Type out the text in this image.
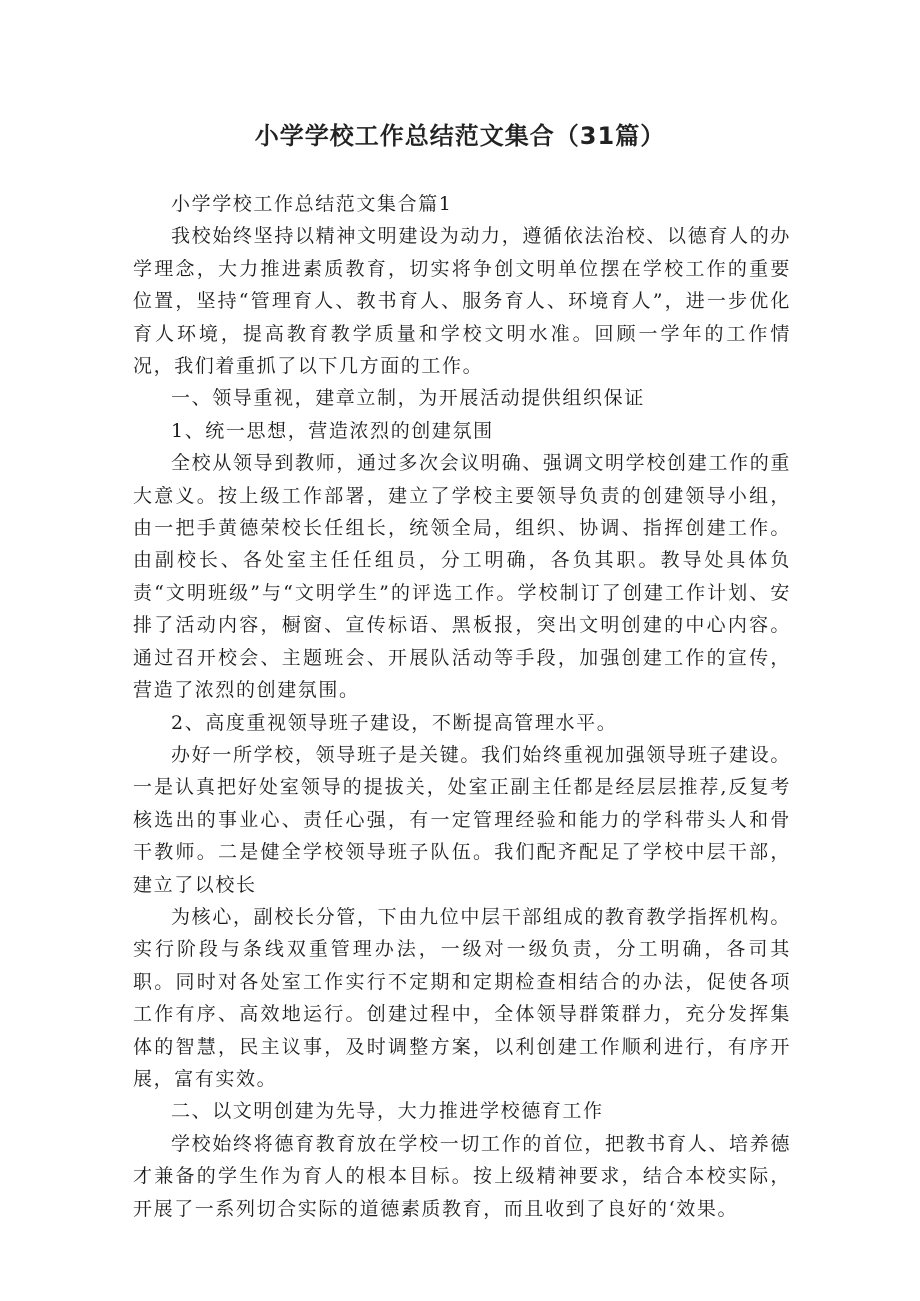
小学学校工作总结范文集合（31篇）

小学学校工作总结范文集合篇1

我校始终坚持以精神文明建设为动力，遵循依法治校、以德育人的办学理念，大力推进素质教育，切实将争创文明单位摆在学校工作的重要位置，坚持“管理育人、教书育人、服务育人、环境育人”，进一步优化育人环境，提高教育教学质量和学校文明水准。回顾一学年的工作情况，我们着重抓了以下几方面的工作。

一、领导重视，建章立制，为开展活动提供组织保证

1、统一思想，营造浓烈的创建氛围

全校从领导到教师，通过多次会议明确、强调文明学校创建工作的重大意义。按上级工作部署，建立了学校主要领导负责的创建领导小组，由一把手黄德荣校长任组长，统领全局，组织、协调、指挥创建工作。由副校长、各处室主任任组员，分工明确，各负其职。教导处具体负责“文明班级”与“文明学生”的评选工作。学校制订了创建工作计划、安排了活动内容，橱窗、宣传标语、黑板报，突出文明创建的中心内容。通过召开校会、主题班会、开展队活动等手段，加强创建工作的宣传，营造了浓烈的创建氛围。

2、高度重视领导班子建设，不断提高管理水平。

办好一所学校，领导班子是关键。我们始终重视加强领导班子建设。一是认真把好处室领导的提拔关，处室正副主任都是经层层推荐,反复考核选出的事业心、责任心强，有一定管理经验和能力的学科带头人和骨干教师。二是健全学校领导班子队伍。我们配齐配足了学校中层干部，建立了以校长

为核心，副校长分管，下由九位中层干部组成的教育教学指挥机构。实行阶段与条线双重管理办法，一级对一级负责，分工明确，各司其职。同时对各处室工作实行不定期和定期检查相结合的办法，促使各项工作有序、高效地运行。创建过程中，全体领导群策群力，充分发挥集体的智慧，民主议事，及时调整方案，以利创建工作顺利进行，有序开展，富有实效。

二、以文明创建为先导，大力推进学校德育工作

学校始终将德育教育放在学校一切工作的首位，把教书育人、培养德才兼备的学生作为育人的根本目标。按上级精神要求，结合本校实际，开展了一系列切合实际的道德素质教育，而且收到了良好的‘效果。
